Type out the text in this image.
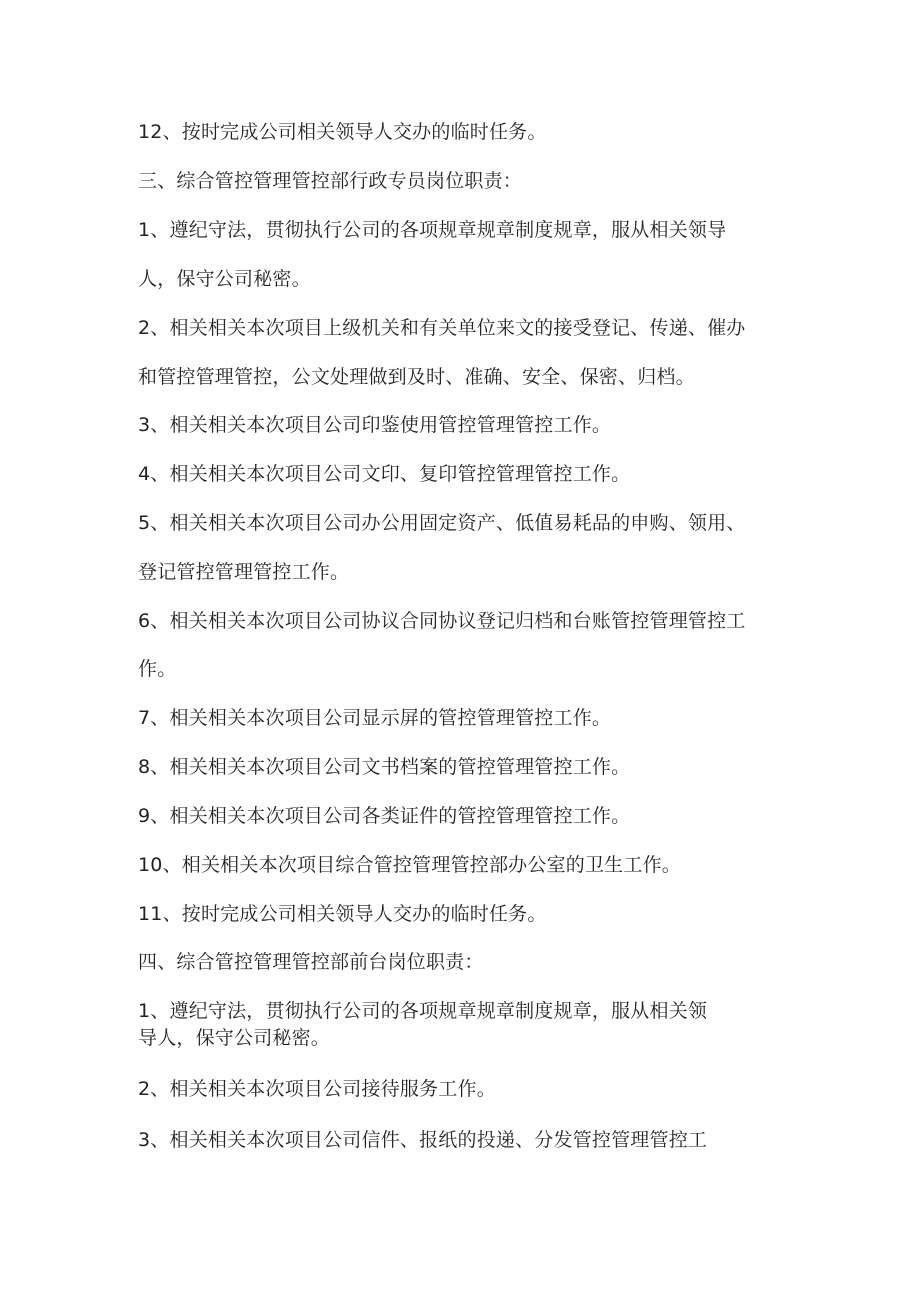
12、按时完成公司相关领导人交办的临时任务。
三、综合管控管理管控部行政专员岗位职责：
1、遵纪守法，贯彻执行公司的各项规章规章制度规章，服从相关领导
人，保守公司秘密。
2、相关相关本次项目上级机关和有关单位来文的接受登记、传递、催办
和管控管理管控，公文处理做到及时、准确、安全、保密、归档。
3、相关相关本次项目公司印鉴使用管控管理管控工作。
4、相关相关本次项目公司文印、复印管控管理管控工作。
5、相关相关本次项目公司办公用固定资产、低值易耗品的申购、领用、
登记管控管理管控工作。
6、相关相关本次项目公司协议合同协议登记归档和台账管控管理管控工
作。
7、相关相关本次项目公司显示屏的管控管理管控工作。
8、相关相关本次项目公司文书档案的管控管理管控工作。
9、相关相关本次项目公司各类证件的管控管理管控工作。
10、相关相关本次项目综合管控管理管控部办公室的卫生工作。
11、按时完成公司相关领导人交办的临时任务。
四、综合管控管理管控部前台岗位职责：
1、遵纪守法，贯彻执行公司的各项规章规章制度规章，服从相关领
导人，保守公司秘密。
2、相关相关本次项目公司接待服务工作。
3、相关相关本次项目公司信件、报纸的投递、分发管控管理管控工
